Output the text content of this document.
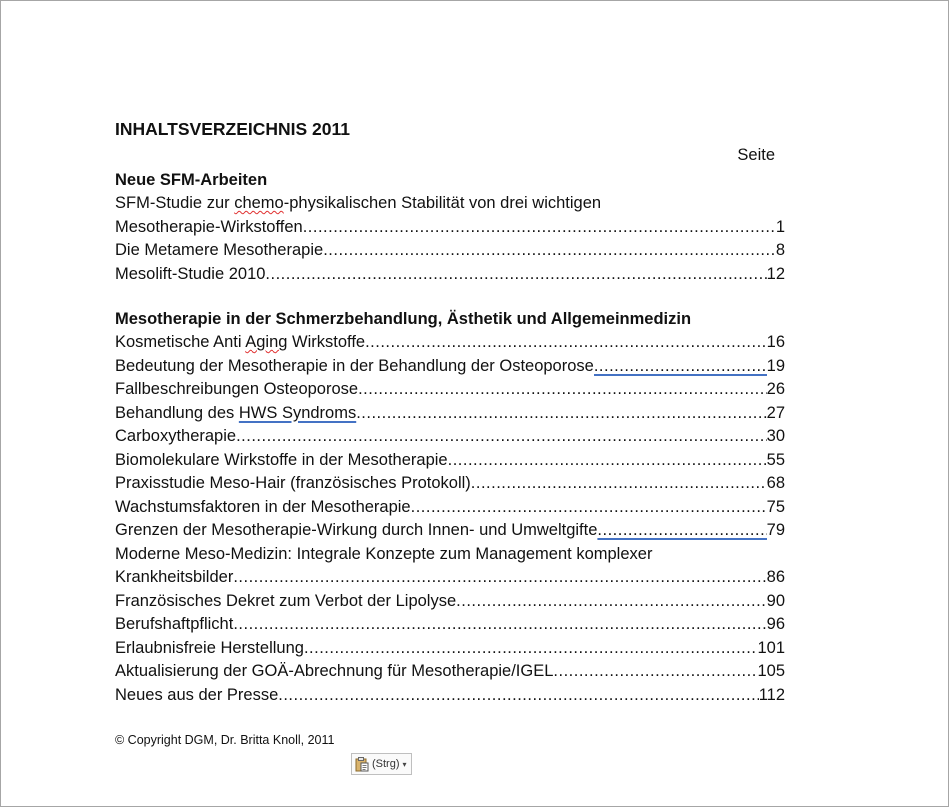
INHALTSVERZEICHNIS 2011
Seite
Neue SFM-Arbeiten
SFM-Studie zur chemo-physikalischen Stabilität von drei wichtigen
Mesotherapie-Wirkstoffen .....	1
Die Metamere Mesotherapie .....	8
Mesolift-Studie 2010 .....	12
Mesotherapie in der Schmerzbehandlung, Ästhetik und Allgemeinmedizin
Kosmetische Anti Aging Wirkstoffe .....	16
Bedeutung der Mesotherapie in der Behandlung der Osteoporose .....	19
Fallbeschreibungen Osteoporose .....	26
Behandlung des HWS Syndroms .....	27
Carboxytherapie .....	30
Biomolekulare Wirkstoffe in der Mesotherapie .....	55
Praxisstudie Meso-Hair (französisches Protokoll) .....	68
Wachstumsfaktoren in der Mesotherapie .....	75
Grenzen der Mesotherapie-Wirkung durch Innen- und Umweltgifte .....	79
Moderne Meso-Medizin: Integrale Konzepte zum Management komplexer
Krankheitsbilder .....	86
Französisches Dekret zum Verbot der Lipolyse .....	90
Berufshaftpflicht .....	96
Erlaubnisfreie Herstellung .....	101
Aktualisierung der GOÄ-Abrechnung für Mesotherapie/IGEL .....	105
Neues aus der Presse .....	112
© Copyright DGM, Dr. Britta Knoll, 2011
(Strg) ▾
